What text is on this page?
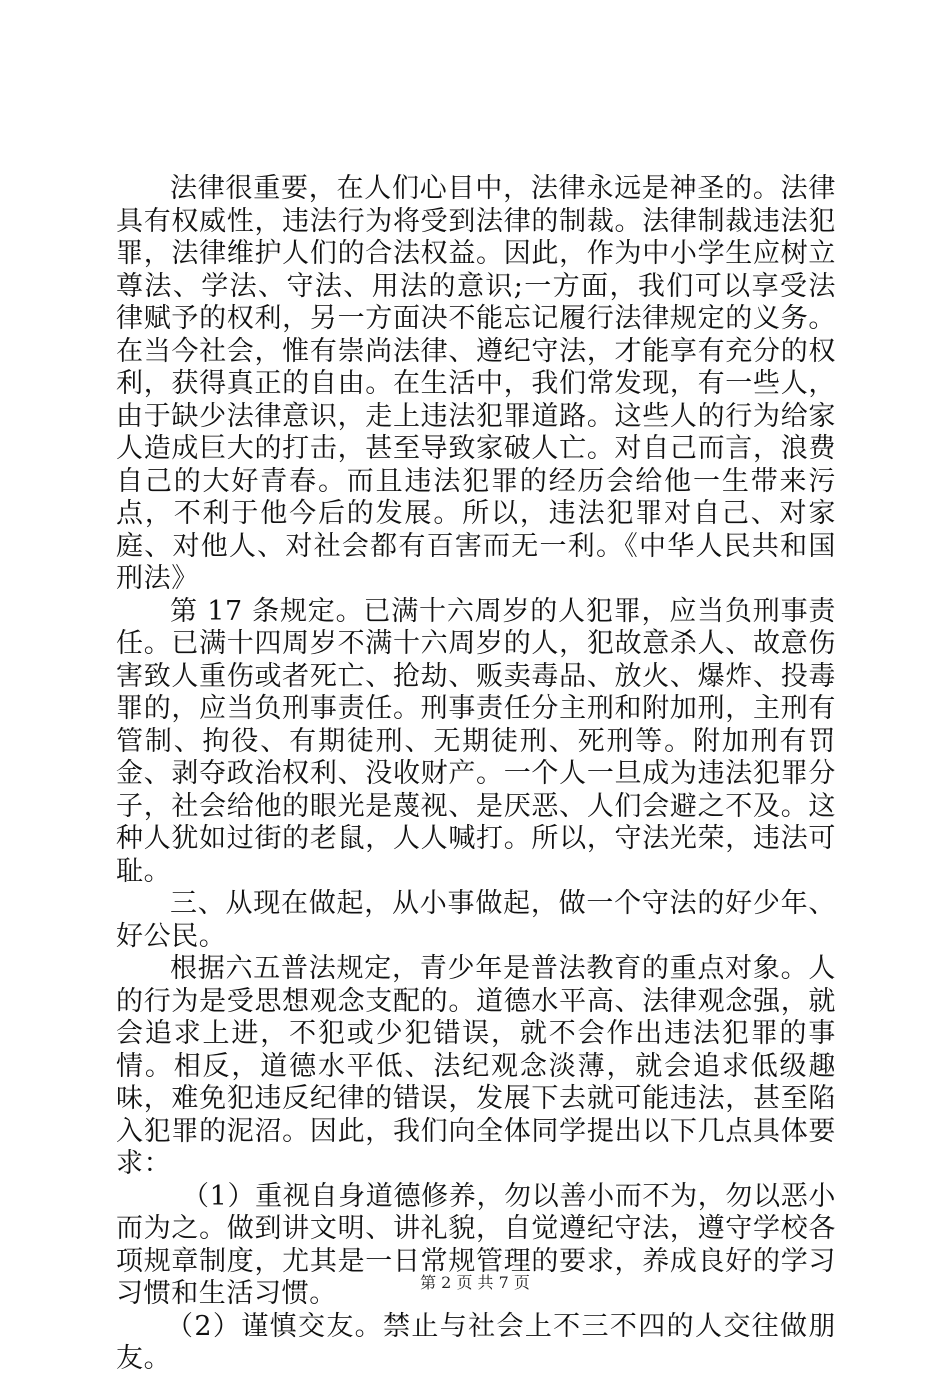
法律很重要，在人们心目中，法律永远是神圣的。法律具有权威性，违法行为将受到法律的制裁。法律制裁违法犯罪，法律维护人们的合法权益。因此，作为中小学生应树立尊法、学法、守法、用法的意识;一方面，我们可以享受法律赋予的权利，另一方面决不能忘记履行法律规定的义务。在当今社会，惟有崇尚法律、遵纪守法，才能享有充分的权利，获得真正的自由。在生活中，我们常发现，有一些人，由于缺少法律意识，走上违法犯罪道路。这些人的行为给家人造成巨大的打击，甚至导致家破人亡。对自己而言，浪费自己的大好青春。而且违法犯罪的经历会给他一生带来污点，不利于他今后的发展。所以，违法犯罪对自己、对家庭、对他人、对社会都有百害而无一利。《中华人民共和国刑法》

第 17 条规定。已满十六周岁的人犯罪，应当负刑事责任。已满十四周岁不满十六周岁的人，犯故意杀人、故意伤害致人重伤或者死亡、抢劫、贩卖毒品、放火、爆炸、投毒罪的，应当负刑事责任。刑事责任分主刑和附加刑，主刑有管制、拘役、有期徒刑、无期徒刑、死刑等。附加刑有罚金、剥夺政治权利、没收财产。一个人一旦成为违法犯罪分子，社会给他的眼光是蔑视、是厌恶、人们会避之不及。这种人犹如过街的老鼠，人人喊打。所以，守法光荣，违法可耻。

三、从现在做起，从小事做起，做一个守法的好少年、好公民。

根据六五普法规定，青少年是普法教育的重点对象。人的行为是受思想观念支配的。道德水平高、法律观念强，就会追求上进，不犯或少犯错误，就不会作出违法犯罪的事情。相反，道德水平低、法纪观念淡薄，就会追求低级趣味，难免犯违反纪律的错误，发展下去就可能违法，甚至陷入犯罪的泥沼。因此，我们向全体同学提出以下几点具体要求：

（1）重视自身道德修养，勿以善小而不为，勿以恶小而为之。做到讲文明、讲礼貌，自觉遵纪守法，遵守学校各项规章制度，尤其是一日常规管理的要求，养成良好的学习习惯和生活习惯。

（2）谨慎交友。禁止与社会上不三不四的人交往做朋友。

第 2 页 共 7 页
